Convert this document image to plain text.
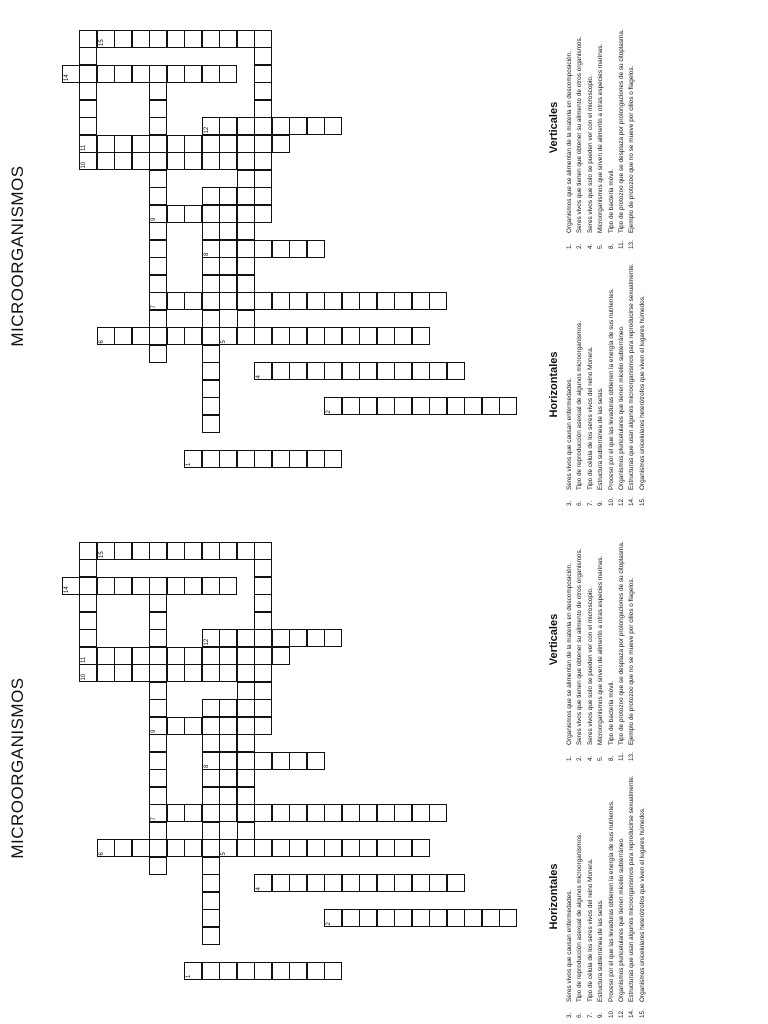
1
2
4
5
6
7
8
9
10
11
12
14
15
MICROORGANISMOS
Horizontales
3.
Seres vivos que causan enfermedades.
6.
Tipo de reproducción asexual de algunos microorganismos.
7.
Tipo de célula de los seres vivos del reino Monera.
9.
Estructura subterránea de las setas.
10.
Proceso por el que las levaduras obtienen la energía de sus nutrientes.
12.
Organismos pluricelulares que tienen micelio subterráneo.
14.
Estructuras que usan algunos microorganismos para reproducirse sexualmente.
15.
Organismos unicelulares heterótrofos que viven el lugares húmedos.
Verticales
1.
Organismos que se alimentan de la materia en descomposición.
2.
Seres vivos que tienen que obtener su alimento de otros organismos.
4.
Seres vivos que solo se pueden ver con el microscopio.
5.
Microorganismos que sirven de alimento a otras especies marinas.
8.
Tipo de bacteria móvil.
11.
Tipo de protozoo que se desplaza por prolongaciones de su citoplasma.
13.
Ejemplo de protozoo que no se mueve por cilios o flagelos.
1
2
4
5
6
7
8
9
10
11
12
14
15
MICROORGANISMOS
Horizontales
3.
Seres vivos que causan enfermedades.
6.
Tipo de reproducción asexual de algunos microorganismos.
7.
Tipo de célula de los seres vivos del reino Monera.
9.
Estructura subterránea de las setas.
10.
Proceso por el que las levaduras obtienen la energía de sus nutrientes.
12.
Organismos pluricelulares que tienen micelio subterráneo.
14.
Estructuras que usan algunos microorganismos para reproducirse sexualmente.
15.
Organismos unicelulares heterótrofos que viven el lugares húmedos.
Verticales
1.
Organismos que se alimentan de la materia en descomposición.
2.
Seres vivos que tienen que obtener su alimento de otros organismos.
4.
Seres vivos que solo se pueden ver con el microscopio.
5.
Microorganismos que sirven de alimento a otras especies marinas.
8.
Tipo de bacteria móvil.
11.
Tipo de protozoo que se desplaza por prolongaciones de su citoplasma.
13.
Ejemplo de protozoo que no se mueve por cilios o flagelos.
